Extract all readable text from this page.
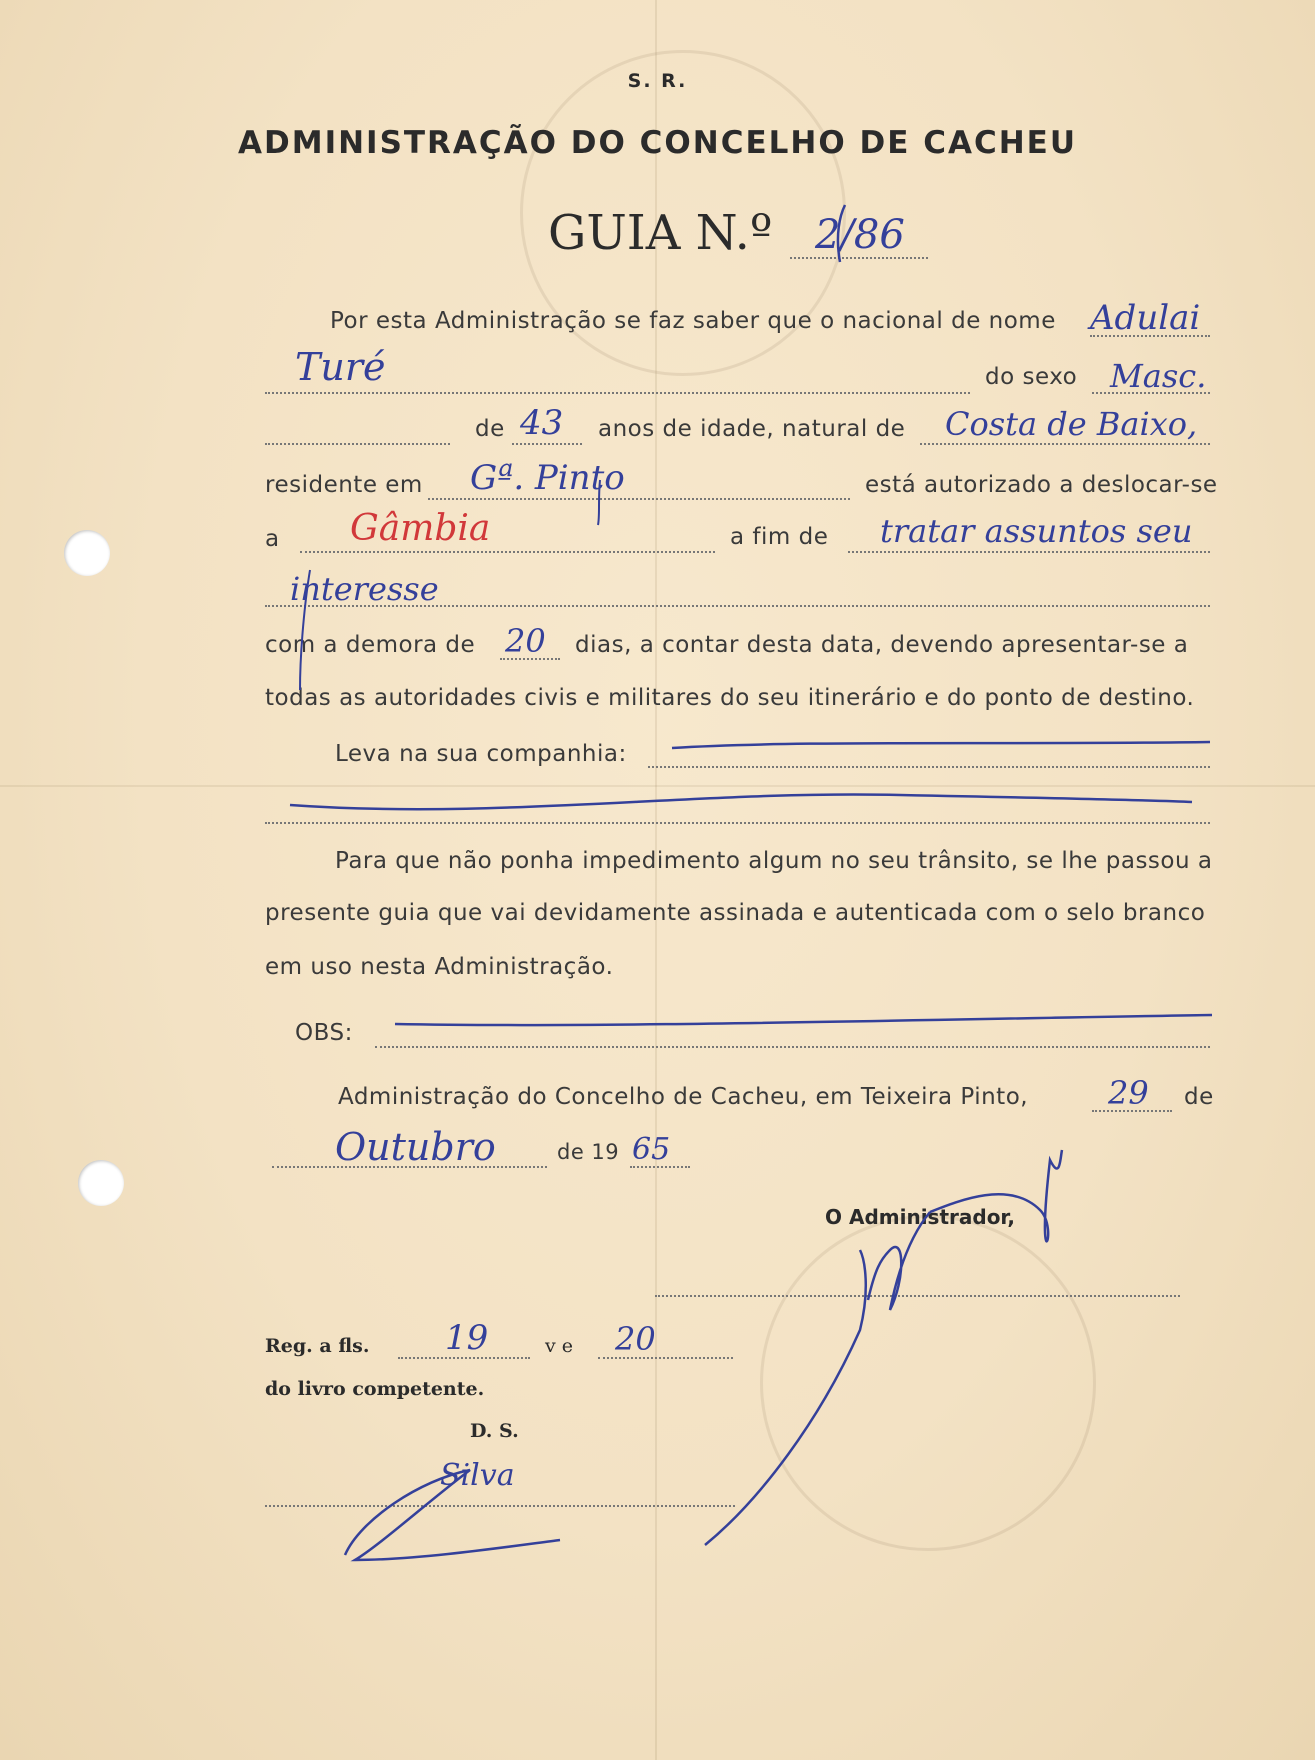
S. R.
ADMINISTRAÇÃO DO CONCELHO DE CACHEU
GUIA N.º 2/86
Por esta Administração se faz saber que o nacional de nome Adulai
Turé	do sexo Masc.
de 43 anos de idade, natural de Costa de Baixo,
residente em Gª. Pinto	está autorizado a deslocar-se
a Gâmbia	a fim de tratar assuntos seu
interesse
com a demora de 20 dias, a contar desta data, devendo apresentar-se a
todas as autoridades civis e militares do seu itinerário e do ponto de destino.
Leva na sua companhia:
Para que não ponha impedimento algum no seu trânsito, se lhe passou a
presente guia que vai devidamente assinada e autenticada com o selo branco
em uso nesta Administração.
OBS:
Administração do Concelho de Cacheu, em Teixeira Pinto, 29 de
Outubro	de 19 65
O Administrador,
Reg. a fls. 19	v e 20
do livro competente.
D. S.
Silva
